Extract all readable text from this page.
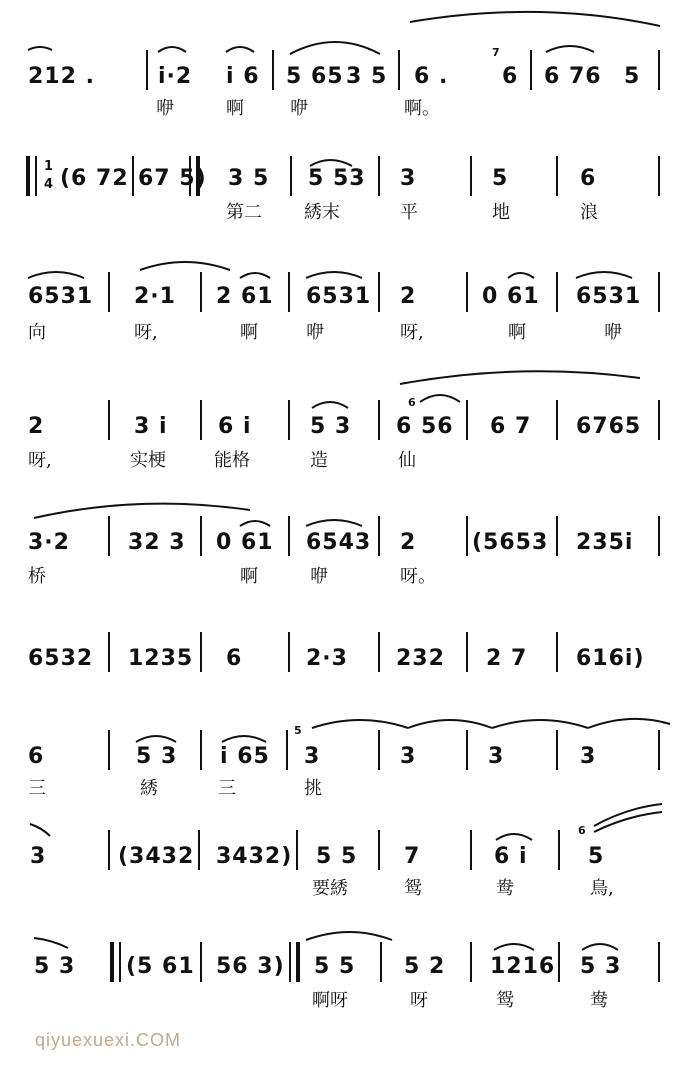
212 .	i·2 i 6 5 65 3 5 6 .
7
6 6 76 5
咿	啊	咿	啊。
1
4 (6 72 67 5) 3 5 5 53 3	5	6
第二 綉末	平	地	浪
6531 2·1 2 61 6531 2	0 61 6531
向	呀,	啊	咿	呀,	啊	咿
2	3 i 6 i	5 3
6
6 56 6 7 6765
呀,	实梗	能格	造	仙
3·2	32 3 0 61 6543 2	(5653 235i
桥	啊	咿	呀。
6532 1235 6	2·3 232 2 7 616i)
6	5 3 i 65
5
3	3	3	3
三	綉	三	挑
3	(3432 3432) 5 5 7	6 i
6
5
要綉	鸳	鸯	鳥,
5 3 (5 61 56 3) 5 5 5 2 1216 5 3
啊呀	呀	鸳	鸯
qiyuexuexi.COM
